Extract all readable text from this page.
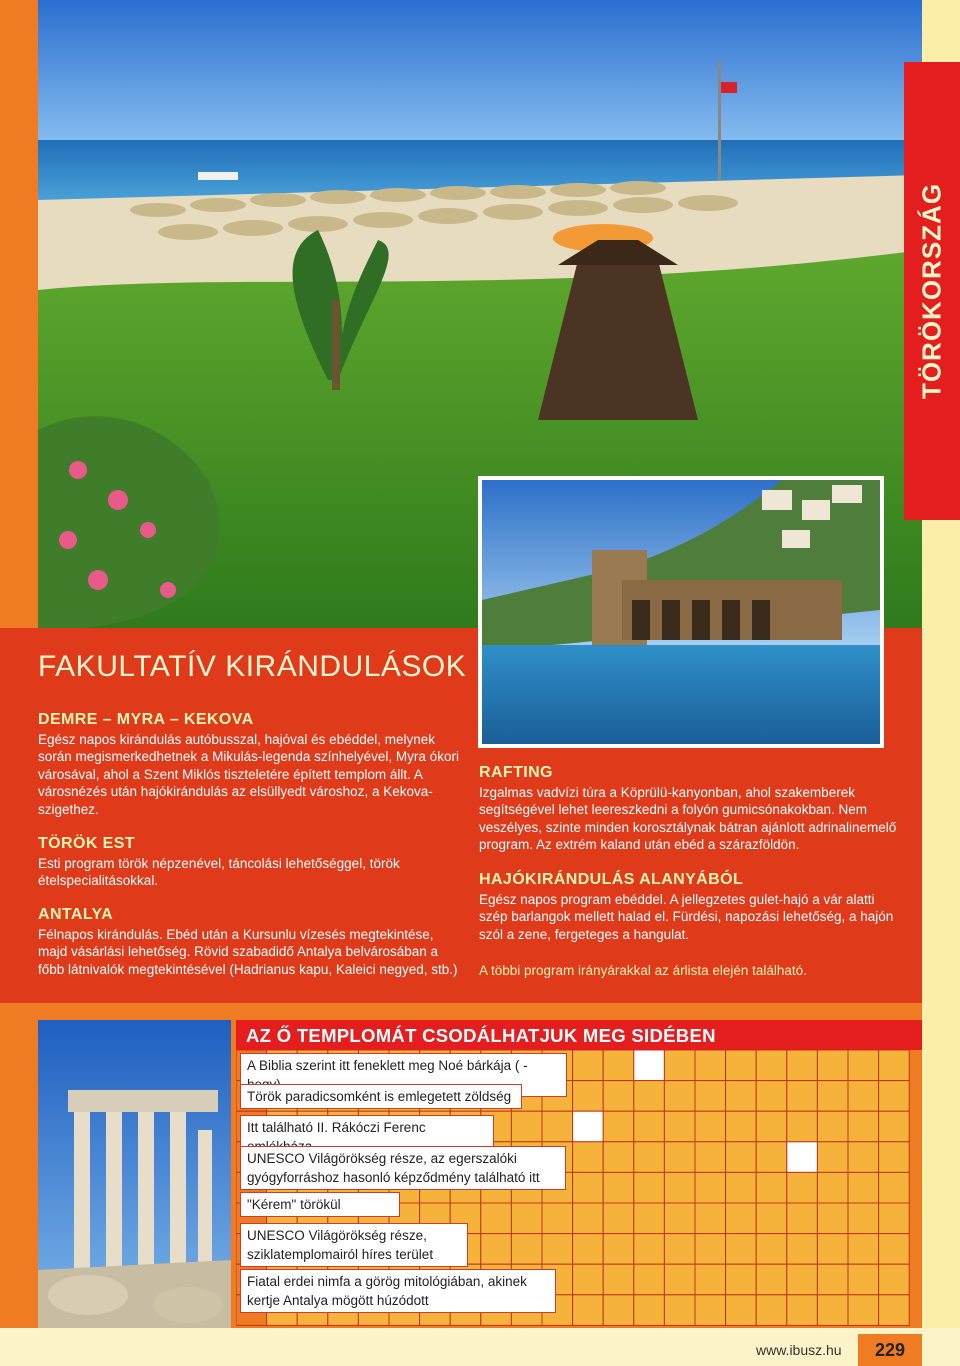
TÖRÖKORSZÁG
FAKULTATÍV KIRÁNDULÁSOK
DEMRE – MYRA – KEKOVA

Egész napos kirándulás autóbusszal, hajóval és ebéddel, melynek során megismerkedhetnek a Mikulás-legenda színhelyével, Myra ókori városával, ahol a Szent Miklós tiszteletére épített templom állt. A városnézés után hajókirándulás az elsüllyedt városhoz, a Kekova-szigethez.

TÖRÖK EST

Esti program török népzenével, táncolási lehetőséggel, török ételspecialitásokkal.

ANTALYA

Félnapos kirándulás. Ebéd után a Kursunlu vízesés megtekintése, majd vásárlási lehetőség. Rövid szabadidő Antalya belvárosában a főbb látnivalók megtekintésével (Hadrianus kapu, Kaleici negyed, stb.)

RAFTING

Izgalmas vadvízi túra a Köprülü-kanyonban, ahol szakemberek segítségével lehet leereszkedni a folyón gumicsónakokban. Nem veszélyes, szinte minden korosztálynak bátran ajánlott adrinalinemelő program. Az extrém kaland után ebéd a szárazföldön.

HAJÓKIRÁNDULÁS ALANYÁBÓL

Egész napos program ebéddel. A jellegzetes gulet-hajó a vár alatti szép barlangok mellett halad el. Fürdési, napozási lehetőség, a hajón szól a zene, fergeteges a hangulat.

A többi program irányárakkal az árlista elején található.
AZ Ő TEMPLOMÁT CSODÁLHATJUK MEG SIDÉBEN
A Biblia szerint itt feneklett meg Noé bárkája ( -
Török paradicsomként is emlegetett zöldség
Itt található II. Rákóczi Ferenc
UNESCO Világörökség része, az egerszalóki gyógyforráshoz hasonló képződmény található itt
"Kérem" törökül
UNESCO Világörökség része, sziklatemplomairól híres terület
Fiatal erdei nimfa a görög mitológiában, akinek kertje Antalya mögött húzódott
www.ibusz.hu	229
